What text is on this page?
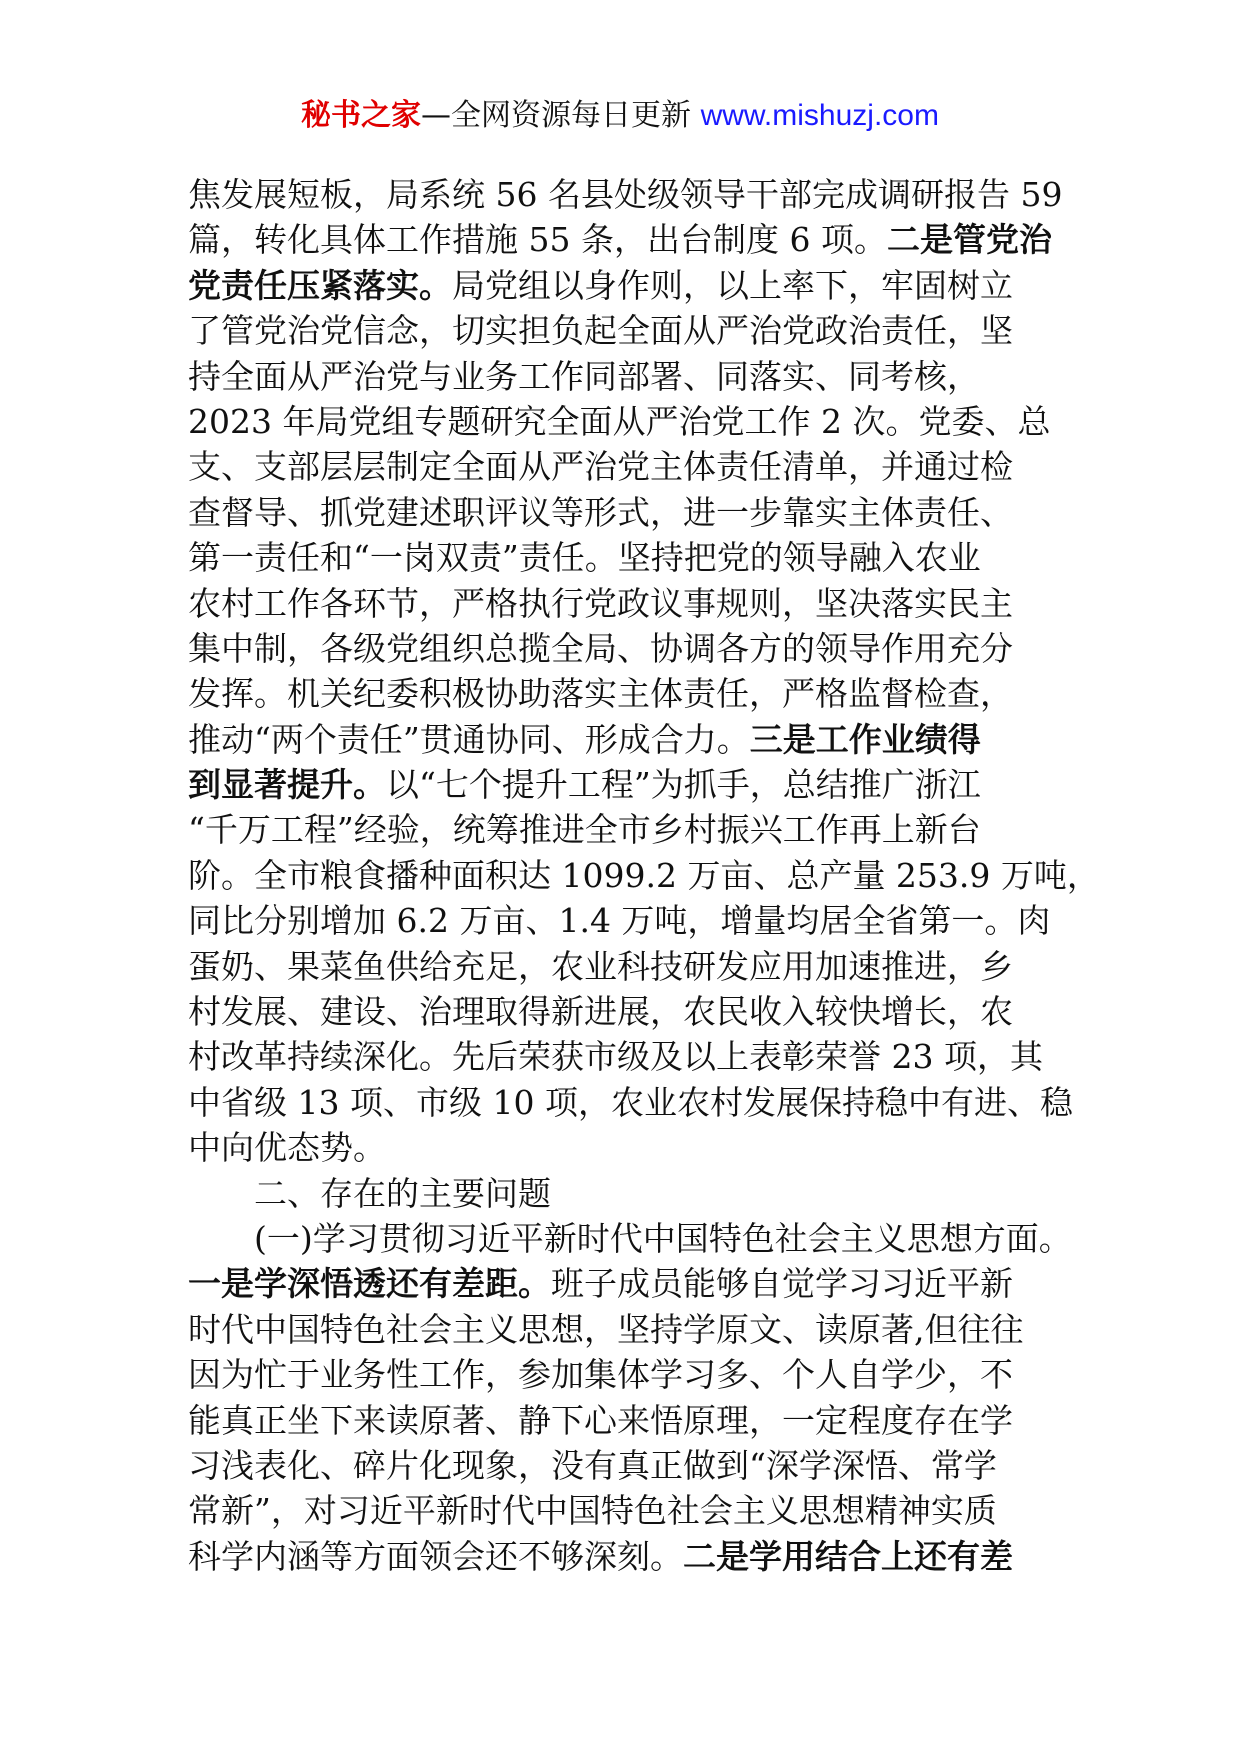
秘书之家—全网资源每日更新 www.mishuzj.com
焦发展短板，局系统 56 名县处级领导干部完成调研报告 59
篇，转化具体工作措施 55 条，出台制度 6 项。二是管党治
党责任压紧落实。局党组以身作则，以上率下，牢固树立
了管党治党信念，切实担负起全面从严治党政治责任，坚
持全面从严治党与业务工作同部署、同落实、同考核，
2023 年局党组专题研究全面从严治党工作 2 次。党委、总
支、支部层层制定全面从严治党主体责任清单，并通过检
查督导、抓党建述职评议等形式，进一步靠实主体责任、
第一责任和“一岗双责”责任。坚持把党的领导融入农业
农村工作各环节，严格执行党政议事规则，坚决落实民主
集中制，各级党组织总揽全局、协调各方的领导作用充分
发挥。机关纪委积极协助落实主体责任，严格监督检查，
推动“两个责任”贯通协同、形成合力。三是工作业绩得
到显著提升。以“七个提升工程”为抓手，总结推广浙江
“千万工程”经验，统筹推进全市乡村振兴工作再上新台
阶。全市粮食播种面积达 1099.2 万亩、总产量 253.9 万吨，
同比分别增加 6.2 万亩、1.4 万吨，增量均居全省第一。肉
蛋奶、果菜鱼供给充足，农业科技研发应用加速推进，乡
村发展、建设、治理取得新进展，农民收入较快增长，农
村改革持续深化。先后荣获市级及以上表彰荣誉 23 项，其
中省级 13 项、市级 10 项，农业农村发展保持稳中有进、稳
中向优态势。
二、存在的主要问题
(一)学习贯彻习近平新时代中国特色社会主义思想方面。
一是学深悟透还有差距。班子成员能够自觉学习习近平新
时代中国特色社会主义思想，坚持学原文、读原著,但往往
因为忙于业务性工作，参加集体学习多、个人自学少，不
能真正坐下来读原著、静下心来悟原理，一定程度存在学
习浅表化、碎片化现象，没有真正做到“深学深悟、常学
常新”，对习近平新时代中国特色社会主义思想精神实质
科学内涵等方面领会还不够深刻。二是学用结合上还有差
